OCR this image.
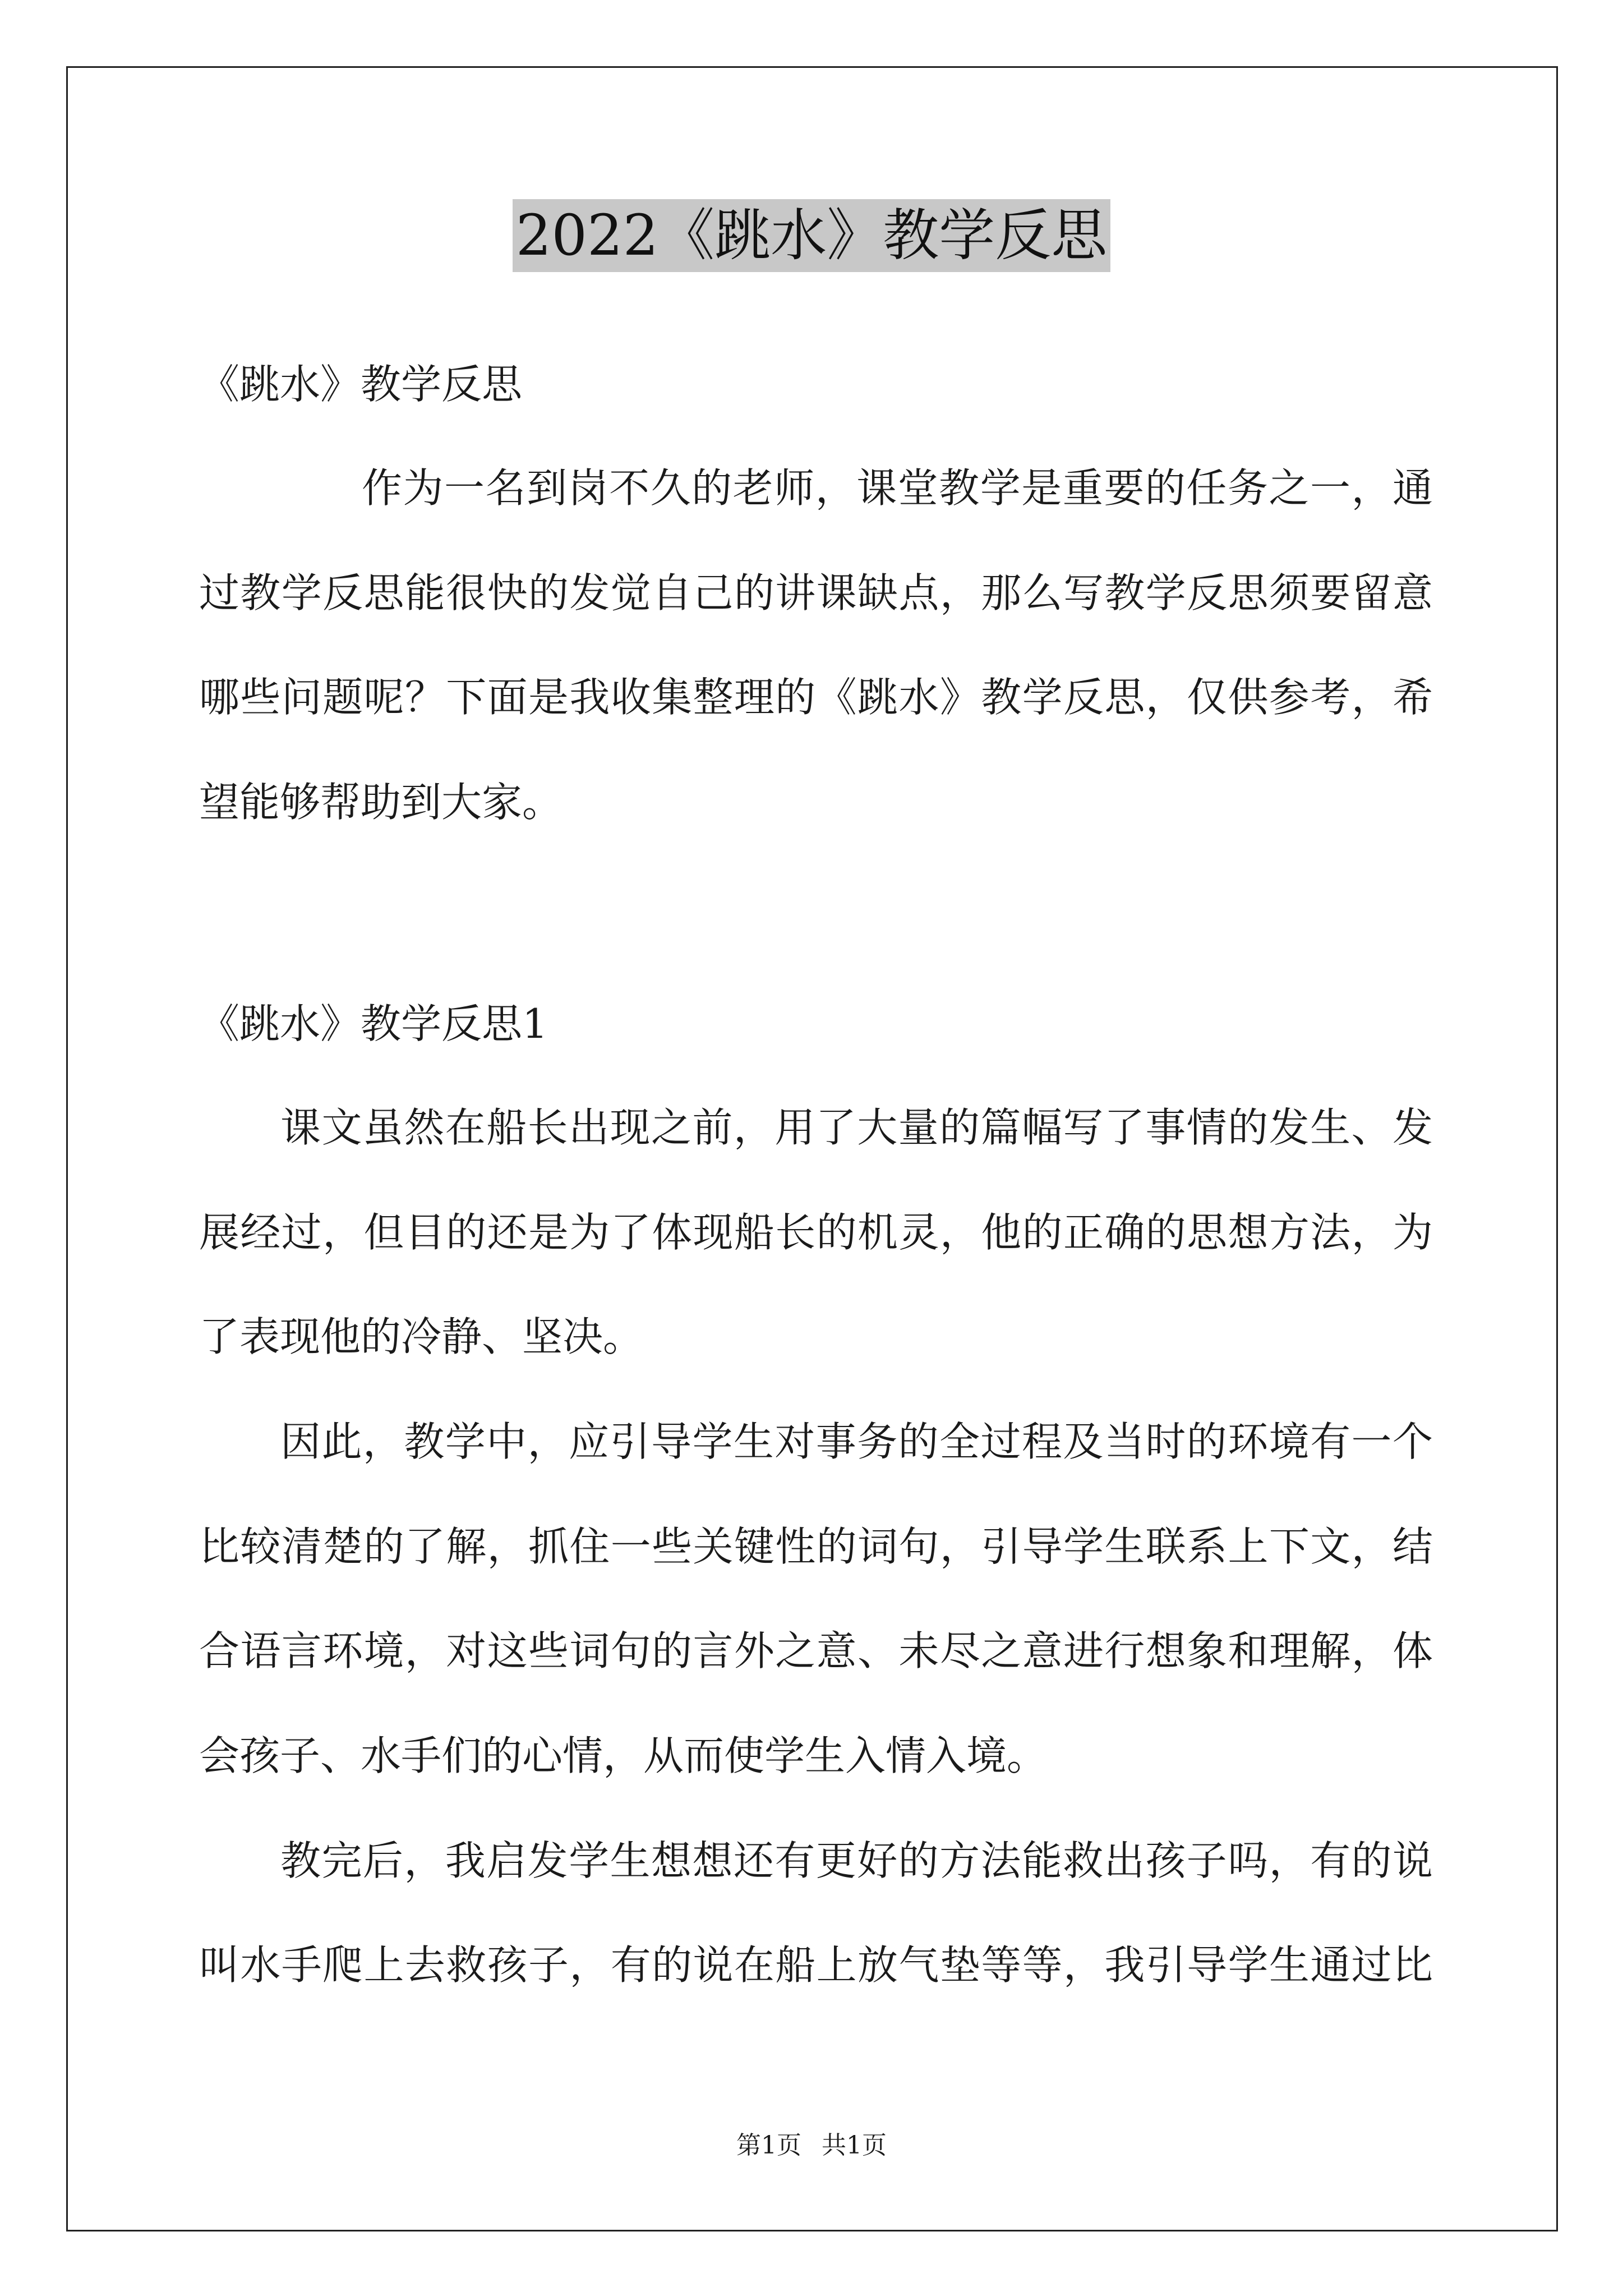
2022《跳水》教学反思
《跳水》教学反思
作为一名到岗不久的老师，课堂教学是重要的任务之一，通
过教学反思能很快的发觉自己的讲课缺点，那么写教学反思须要留意
哪些问题呢？下面是我收集整理的《跳水》教学反思，仅供参考，希
望能够帮助到大家。
《跳水》教学反思1
课文虽然在船长出现之前，用了大量的篇幅写了事情的发生、发
展经过，但目的还是为了体现船长的机灵，他的正确的思想方法，为
了表现他的冷静、坚决。
因此，教学中，应引导学生对事务的全过程及当时的环境有一个
比较清楚的了解，抓住一些关键性的词句，引导学生联系上下文，结
合语言环境，对这些词句的言外之意、未尽之意进行想象和理解，体
会孩子、水手们的心情，从而使学生入情入境。
教完后，我启发学生想想还有更好的方法能救出孩子吗，有的说
叫水手爬上去救孩子，有的说在船上放气垫等等，我引导学生通过比
第1页 共1页
